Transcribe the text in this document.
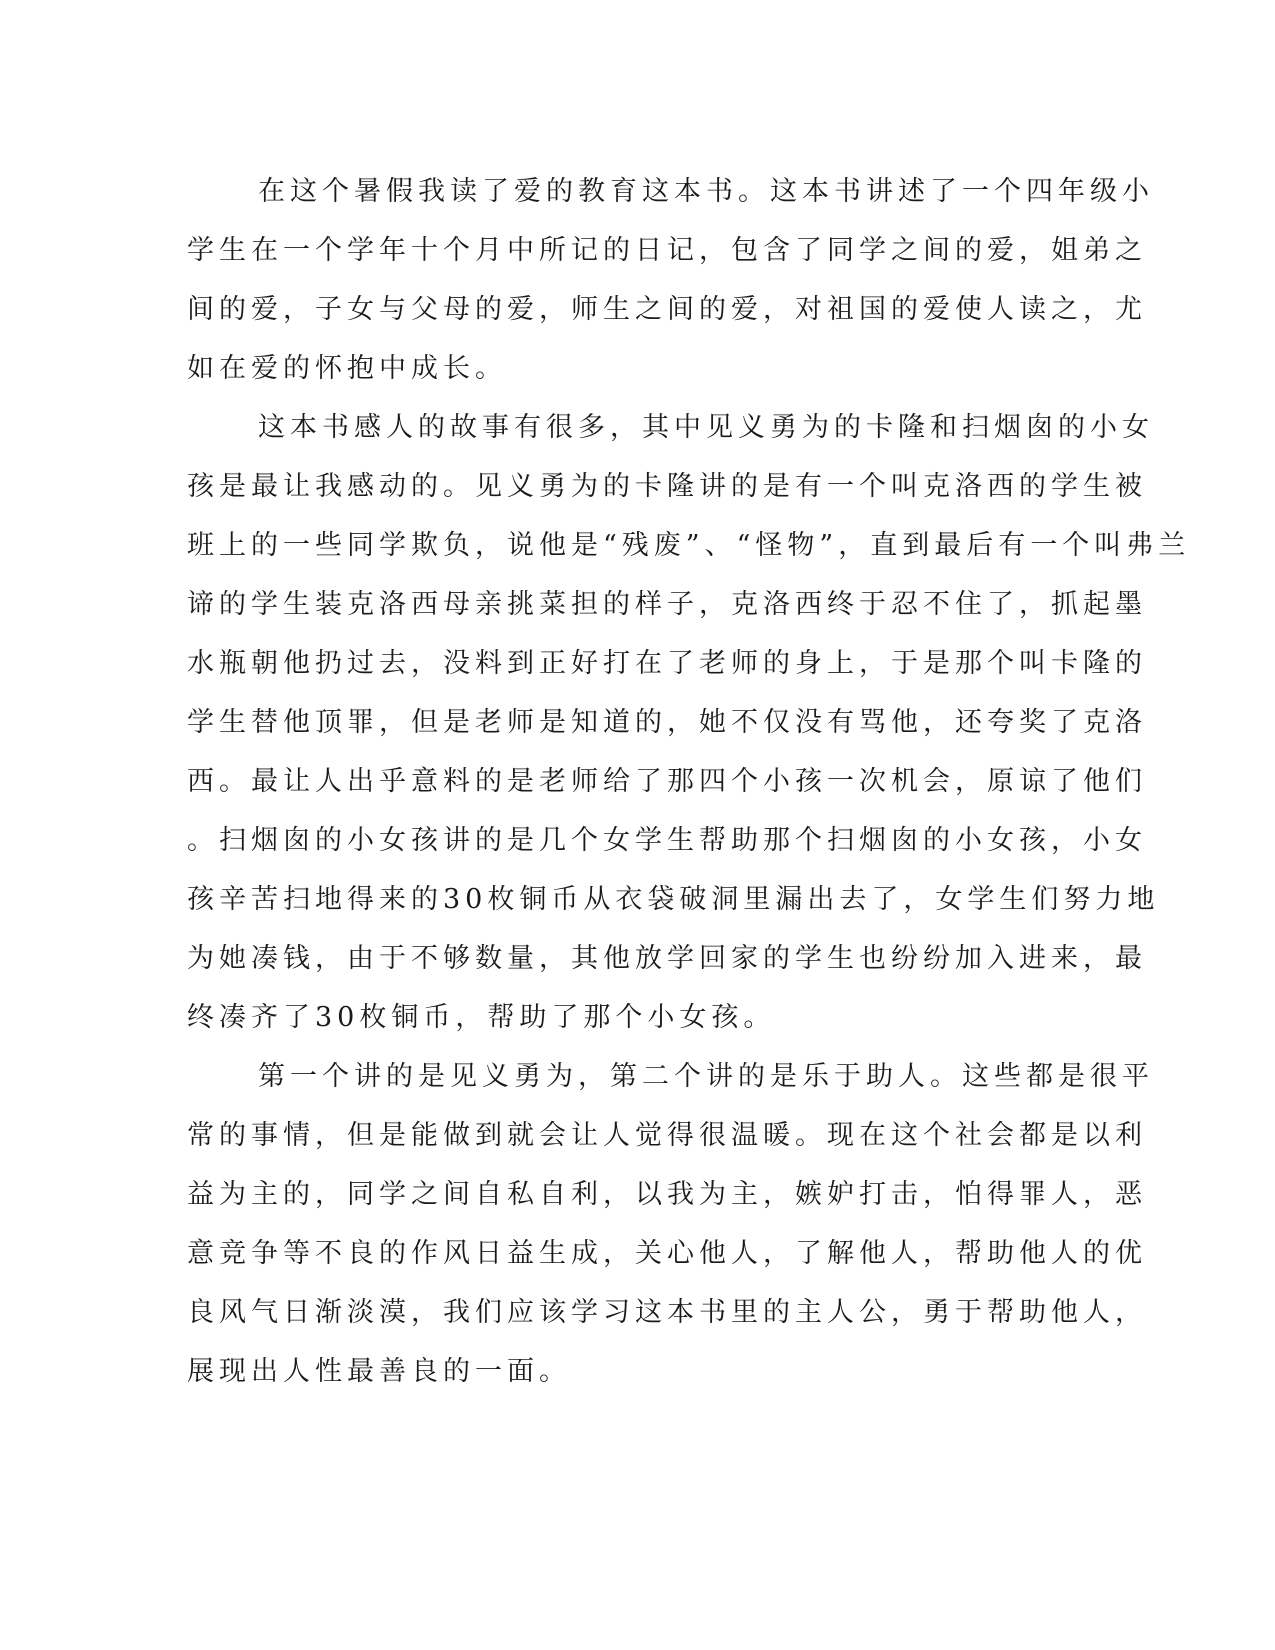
在这个暑假我读了爱的教育这本书。这本书讲述了一个四年级小
学生在一个学年十个月中所记的日记，包含了同学之间的爱，姐弟之
间的爱，子女与父母的爱，师生之间的爱，对祖国的爱使人读之，尤
如在爱的怀抱中成长。
这本书感人的故事有很多，其中见义勇为的卡隆和扫烟囱的小女
孩是最让我感动的。见义勇为的卡隆讲的是有一个叫克洛西的学生被
班上的一些同学欺负，说他是“残废”、“怪物”，直到最后有一个叫弗兰
谛的学生装克洛西母亲挑菜担的样子，克洛西终于忍不住了，抓起墨
水瓶朝他扔过去，没料到正好打在了老师的身上，于是那个叫卡隆的
学生替他顶罪，但是老师是知道的，她不仅没有骂他，还夸奖了克洛
西。最让人出乎意料的是老师给了那四个小孩一次机会，原谅了他们
。扫烟囱的小女孩讲的是几个女学生帮助那个扫烟囱的小女孩，小女
孩辛苦扫地得来的30枚铜币从衣袋破洞里漏出去了，女学生们努力地
为她凑钱，由于不够数量，其他放学回家的学生也纷纷加入进来，最
终凑齐了30枚铜币，帮助了那个小女孩。
第一个讲的是见义勇为，第二个讲的是乐于助人。这些都是很平
常的事情，但是能做到就会让人觉得很温暖。现在这个社会都是以利
益为主的，同学之间自私自利，以我为主，嫉妒打击，怕得罪人，恶
意竞争等不良的作风日益生成，关心他人，了解他人，帮助他人的优
良风气日渐淡漠，我们应该学习这本书里的主人公，勇于帮助他人，
展现出人性最善良的一面。
